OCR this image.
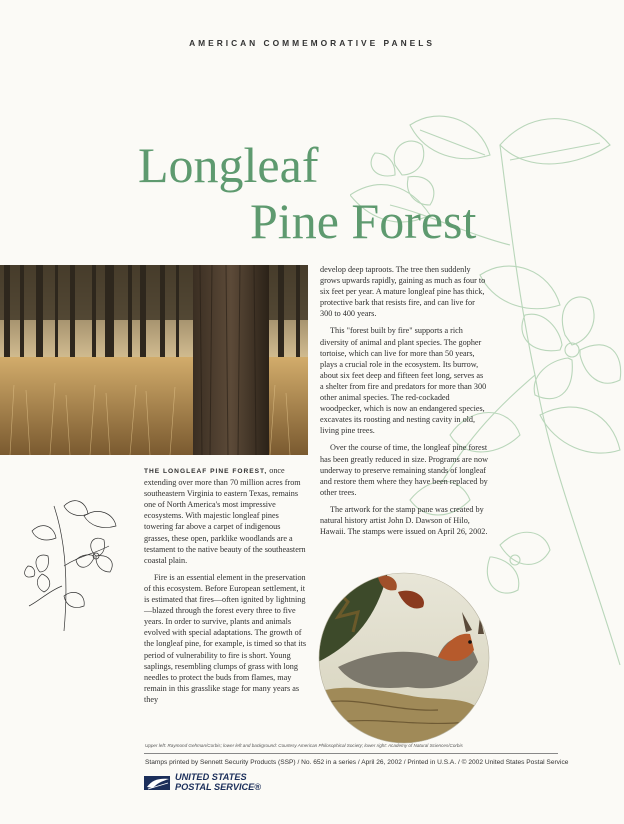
AMERICAN COMMEMORATIVE PANELS
Longleaf
Pine Forest

THE LONGLEAF PINE FOREST, once extending over more than 70 million acres from southeastern Virginia to eastern Texas, remains one of North America's most impressive ecosystems. With majestic longleaf pines towering far above a carpet of indigenous grasses, these open, parklike woodlands are a testament to the native beauty of the southeastern coastal plain.

Fire is an essential element in the preservation of this ecosystem. Before European settlement, it is estimated that fires—often ignited by lightning—blazed through the forest every three to five years. In order to survive, plants and animals evolved with special adaptations. The growth of the longleaf pine, for example, is timed so that its period of vulnerability to fire is short. Young saplings, resembling clumps of grass with long needles to protect the buds from flames, may remain in this grasslike stage for many years as they

develop deep taproots. The tree then suddenly grows upwards rapidly, gaining as much as four to six feet per year. A mature longleaf pine has thick, protective bark that resists fire, and can live for 300 to 400 years.

This "forest built by fire" supports a rich diversity of animal and plant species. The gopher tortoise, which can live for more than 50 years, plays a crucial role in the ecosystem. Its burrow, about six feet deep and fifteen feet long, serves as a shelter from fire and predators for more than 300 other animal species. The red-cockaded woodpecker, which is now an endangered species, excavates its roosting and nesting cavity in old, living pine trees.

Over the course of time, the longleaf pine forest has been greatly reduced in size. Programs are now underway to preserve remaining stands of longleaf and restore them where they have been replaced by other trees.

The artwork for the stamp pane was created by natural history artist John D. Dawson of Hilo, Hawaii. The stamps were issued on April 26, 2002.

Upper left: Raymond Gehman/Corbis; lower left and background: Courtesy American Philosophical Society; lower right: Academy of Natural Sciences/Corbis
Stamps printed by Sennett Security Products (SSP) / No. 652 in a series / April 26, 2002 / Printed in U.S.A. / © 2002 United States Postal Service
UNITED STATES
POSTAL SERVICE®
